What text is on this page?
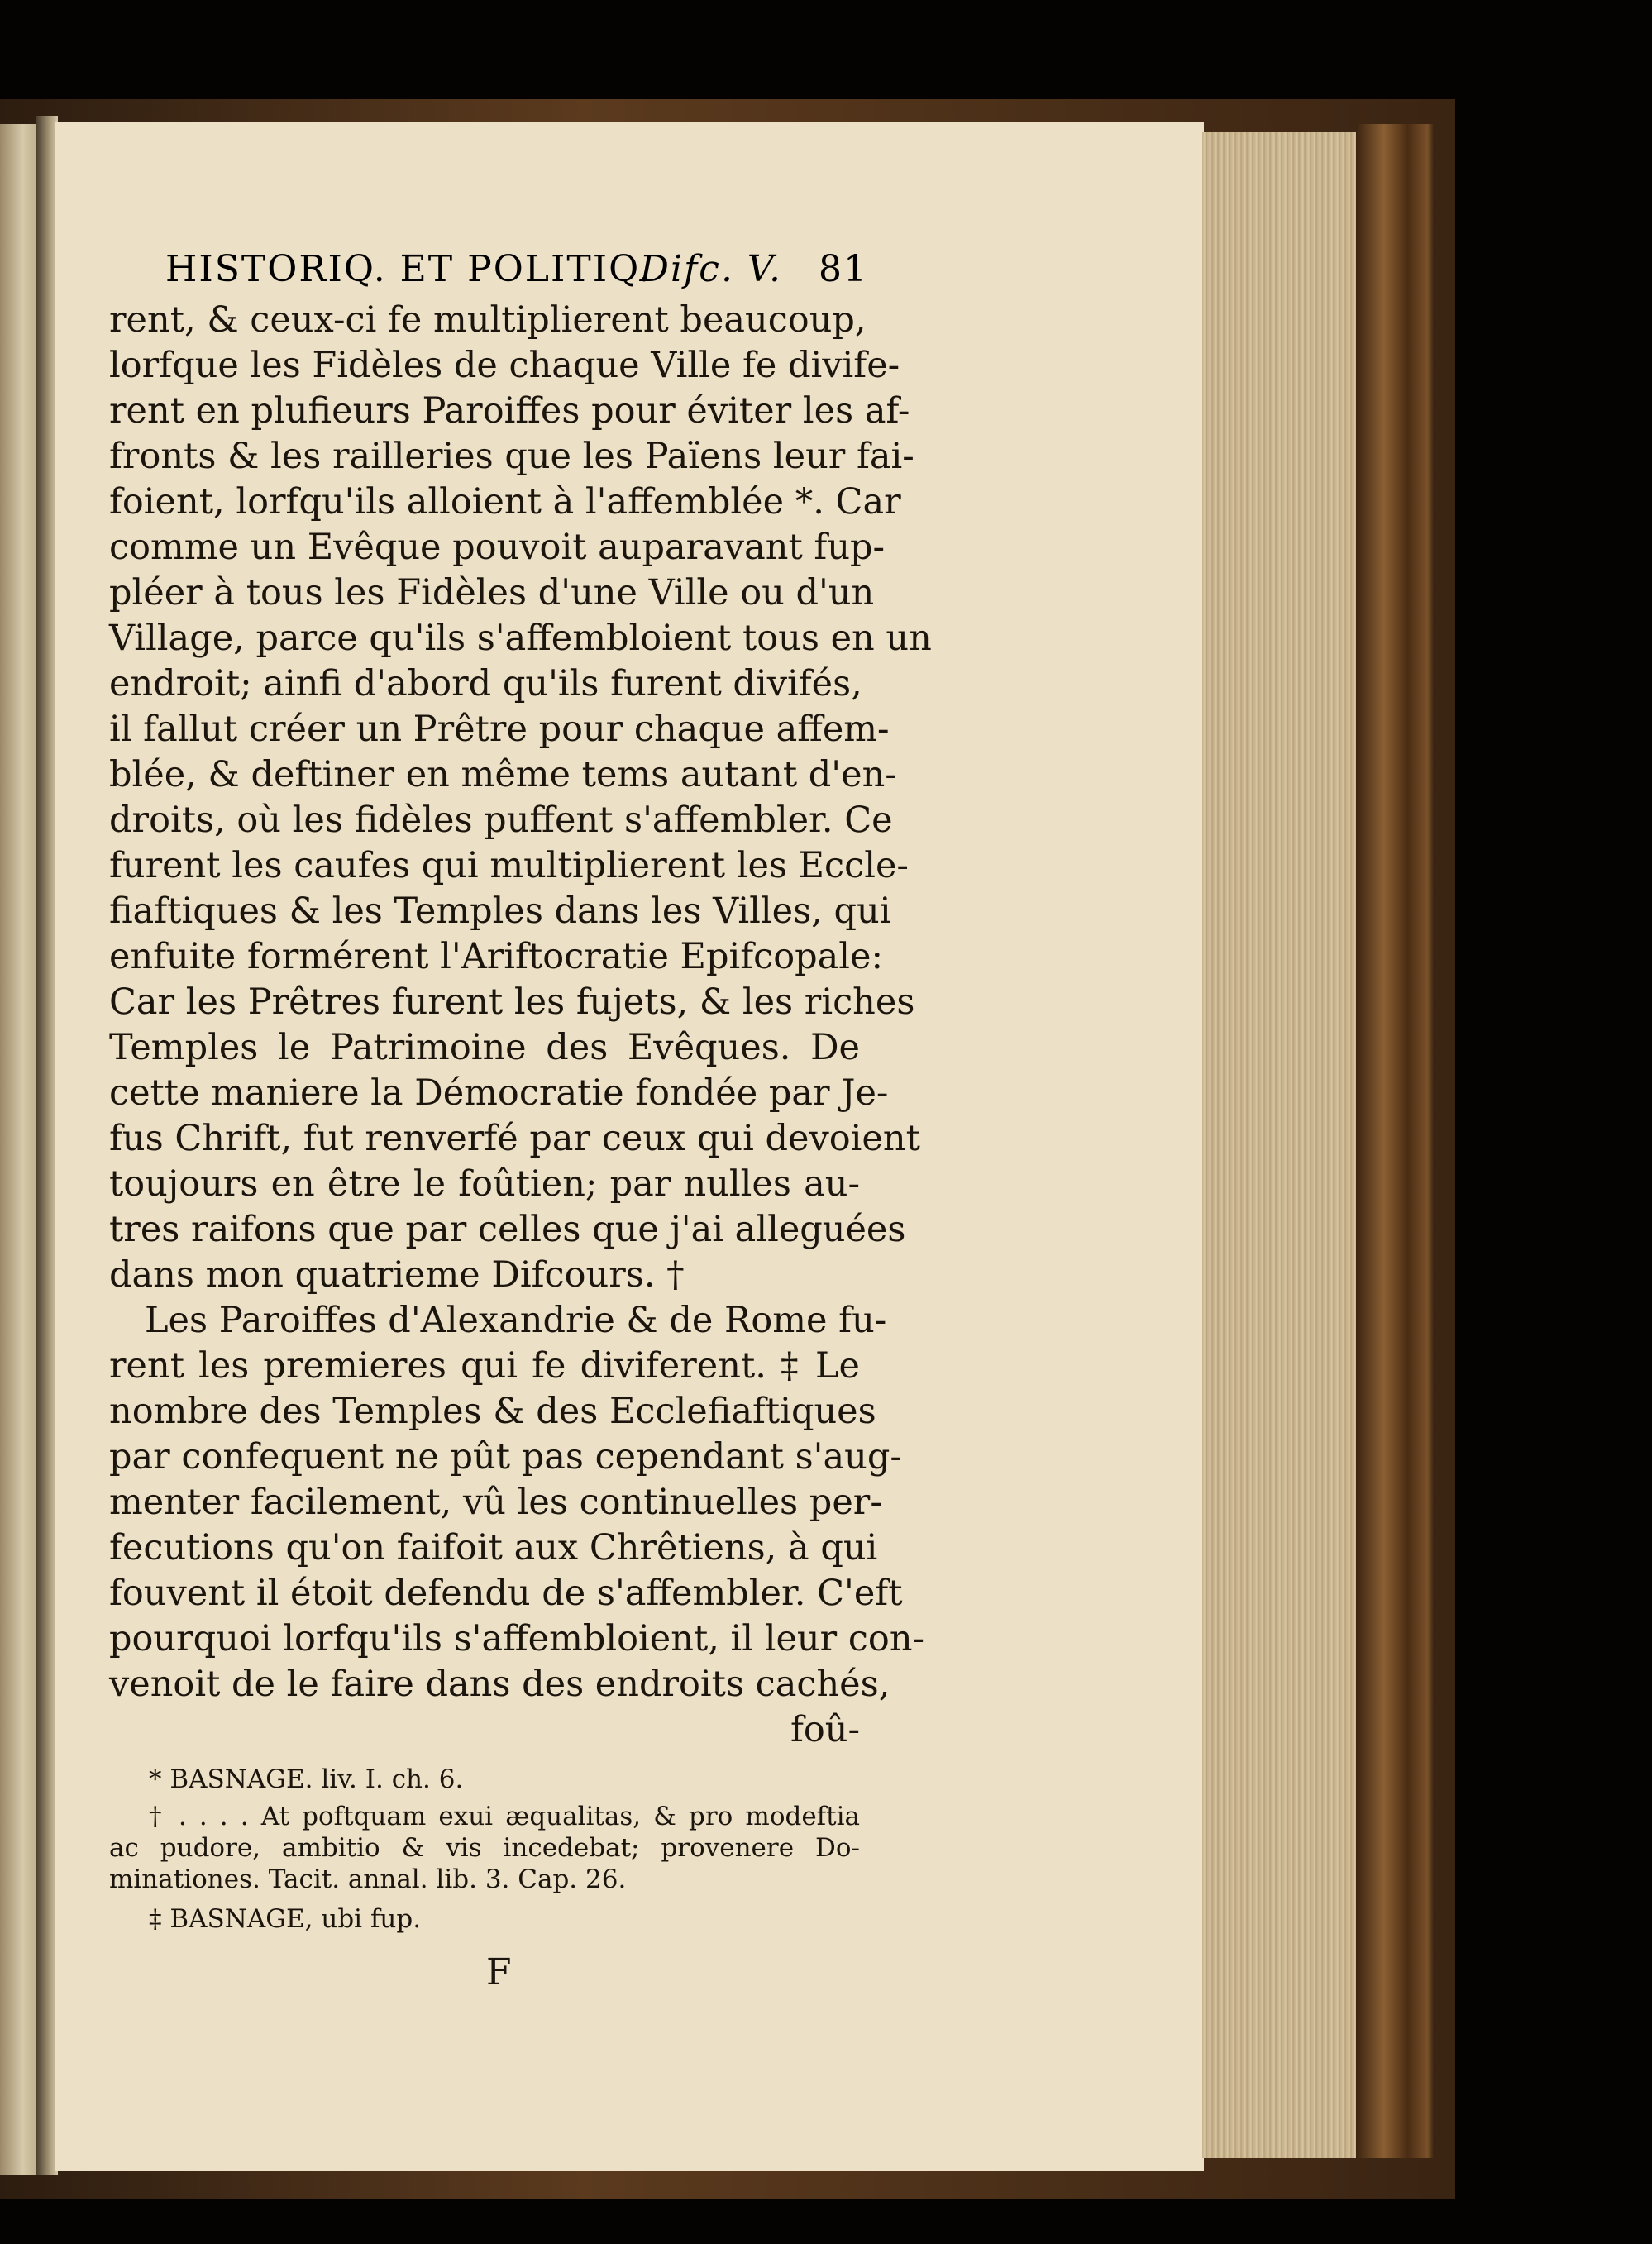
HISTORIQ. ET POLITIQ.
Difc. V. 81
rent, & ceux-ci fe multiplierent beaucoup,
lorfque les Fidèles de chaque Ville fe divife-
rent en plufieurs Paroiffes pour éviter les af-
fronts & les railleries que les Païens leur fai-
foient, lorfqu'ils alloient à l'affemblée *. Car
comme un Evêque pouvoit auparavant fup-
pléer à tous les Fidèles d'une Ville ou d'un
Village, parce qu'ils s'affembloient tous en un
endroit; ainfi d'abord qu'ils furent divifés,
il fallut créer un Prêtre pour chaque affem-
blée, & deftiner en même tems autant d'en-
droits, où les fidèles puffent s'affembler. Ce
furent les caufes qui multiplierent les Eccle-
fiaftiques & les Temples dans les Villes, qui
enfuite formérent l'Ariftocratie Epifcopale:
Car les Prêtres furent les fujets, & les riches
Temples le Patrimoine des Evêques. De
cette maniere la Démocratie fondée par Je-
fus Chrift, fut renverfé par ceux qui devoient
toujours en être le foûtien; par nulles au-
tres raifons que par celles que j'ai alleguées
dans mon quatrieme Difcours. †
Les Paroiffes d'Alexandrie & de Rome fu-
rent les premieres qui fe diviferent. ‡ Le
nombre des Temples & des Ecclefiaftiques
par confequent ne pût pas cependant s'aug-
menter facilement, vû les continuelles per-
fecutions qu'on faifoit aux Chrêtiens, à qui
fouvent il étoit defendu de s'affembler. C'eft
pourquoi lorfqu'ils s'affembloient, il leur con-
venoit de le faire dans des endroits cachés,
foû-
* BASNAGE. liv. I. ch. 6.
† . . . . At poftquam exui æqualitas, & pro modeftia
ac pudore, ambitio & vis incedebat; provenere Do-
minationes. Tacit. annal. lib. 3. Cap. 26.
‡ BASNAGE, ubi fup.
F
